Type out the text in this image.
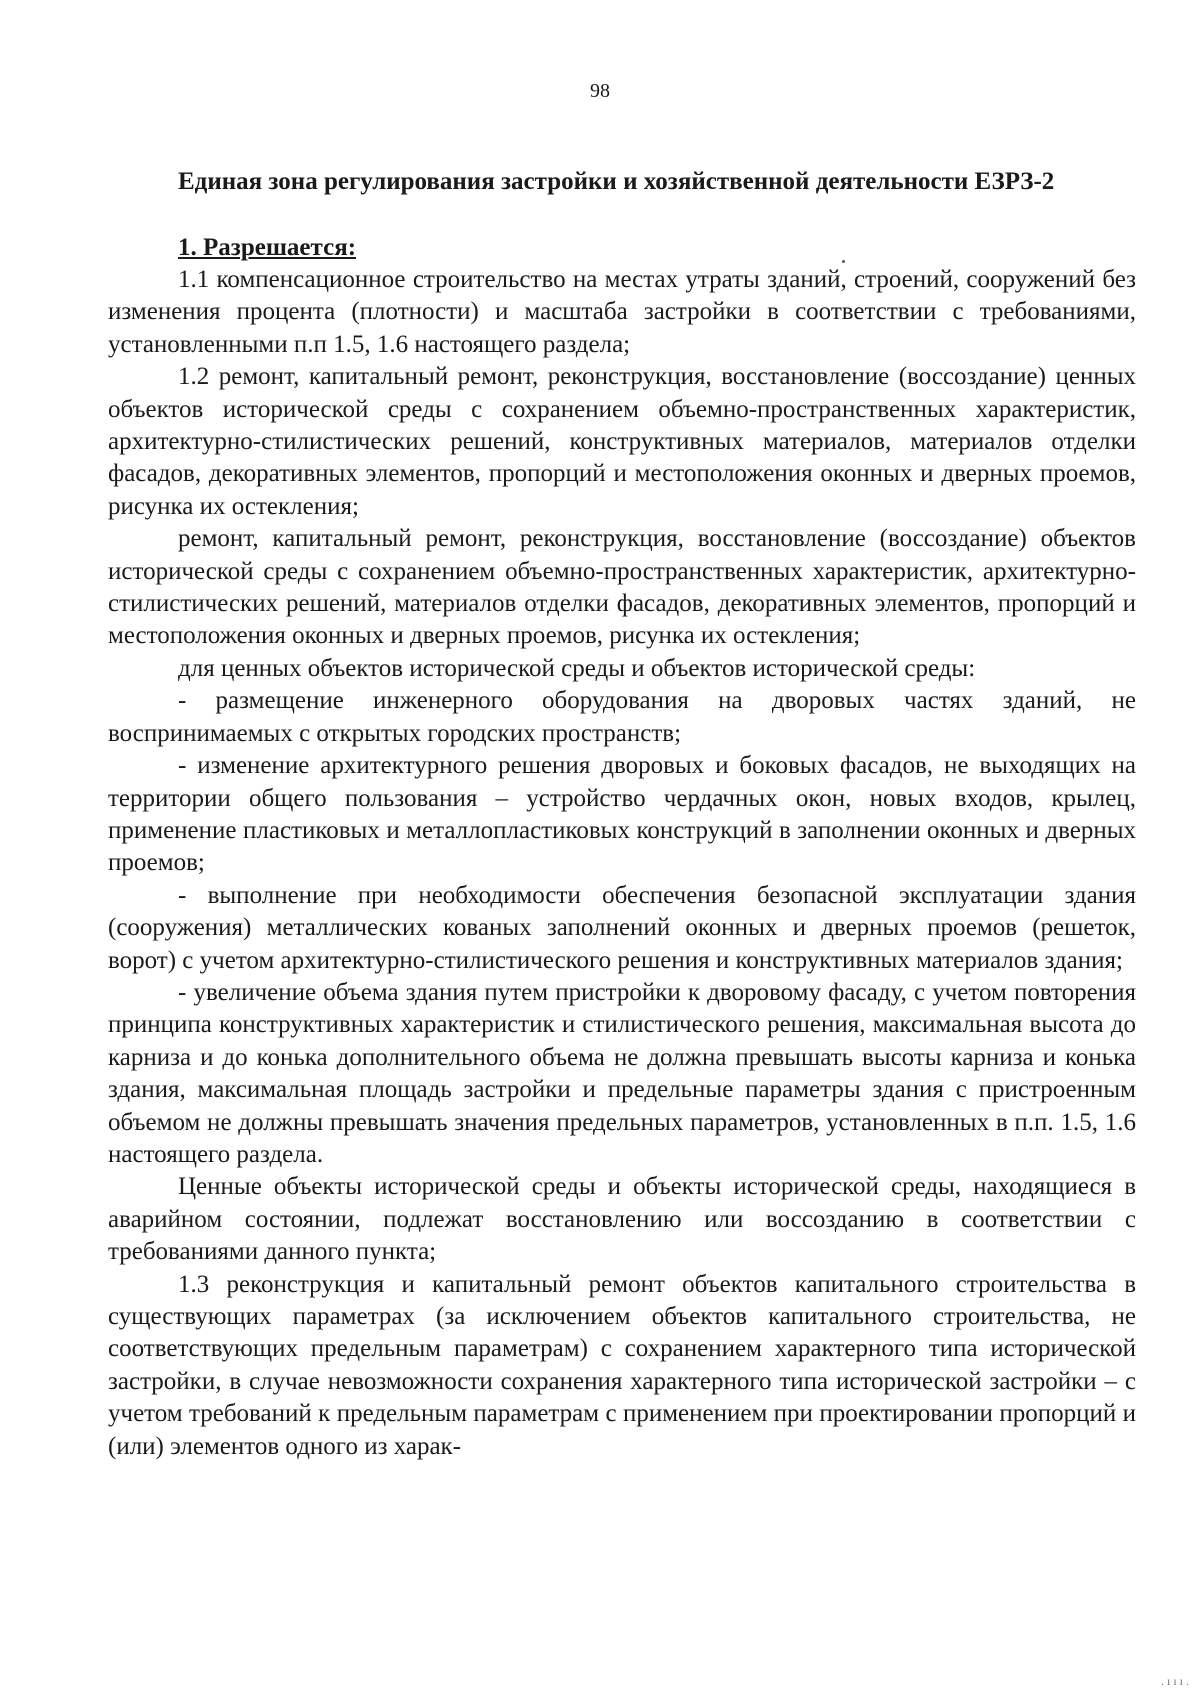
98

Единая зона регулирования застройки и хозяйственной деятельности ЕЗРЗ-2

1. Разрешается:

1.1 компенсационное строительство на местах утраты зданий, строений, сооружений без изменения процента (плотности) и масштаба застройки в соответствии с требованиями, установленными п.п 1.5, 1.6 настоящего раздела;

1.2 ремонт, капитальный ремонт, реконструкция, восстановление (воссоздание) ценных объектов исторической среды с сохранением объемно-пространственных характеристик, архитектурно-стилистических решений, конструктивных материалов, материалов отделки фасадов, декоративных элементов, пропорций и местоположения оконных и дверных проемов, рисунка их остекления;

ремонт, капитальный ремонт, реконструкция, восстановление (воссоздание) объектов исторической среды с сохранением объемно-пространственных характеристик, архитектурно-стилистических решений, материалов отделки фасадов, декоративных элементов, пропорций и местоположения оконных и дверных проемов, рисунка их остекления;

для ценных объектов исторической среды и объектов исторической среды:

- размещение инженерного оборудования на дворовых частях зданий, не воспринимаемых с открытых городских пространств;

- изменение архитектурного решения дворовых и боковых фасадов, не выходящих на территории общего пользования – устройство чердачных окон, новых входов, крылец, применение пластиковых и металлопластиковых конструкций в заполнении оконных и дверных проемов;

- выполнение при необходимости обеспечения безопасной эксплуатации здания (сооружения) металлических кованых заполнений оконных и дверных проемов (решеток, ворот) с учетом архитектурно-стилистического решения и конструктивных материалов здания;

- увеличение объема здания путем пристройки к дворовому фасаду, с учетом повторения принципа конструктивных характеристик и стилистического решения, максимальная высота до карниза и до конька дополнительного объема не должна превышать высоты карниза и конька здания, максимальная площадь застройки и предельные параметры здания с пристроенным объемом не должны превышать значения предельных параметров, установленных в п.п. 1.5, 1.6 настоящего раздела.

Ценные объекты исторической среды и объекты исторической среды, находящиеся в аварийном состоянии, подлежат восстановлению или воссозданию в соответствии с требованиями данного пункта;

1.3 реконструкция и капитальный ремонт объектов капитального строительства в существующих параметрах (за исключением объектов капитального строительства, не соответствующих предельным параметрам) с сохранением характерного типа исторической застройки, в случае невозможности сохранения характерного типа исторической застройки – с учетом требований к предельным параметрам с применением при проектировании пропорций и (или) элементов одного из харак-

.ııı.
